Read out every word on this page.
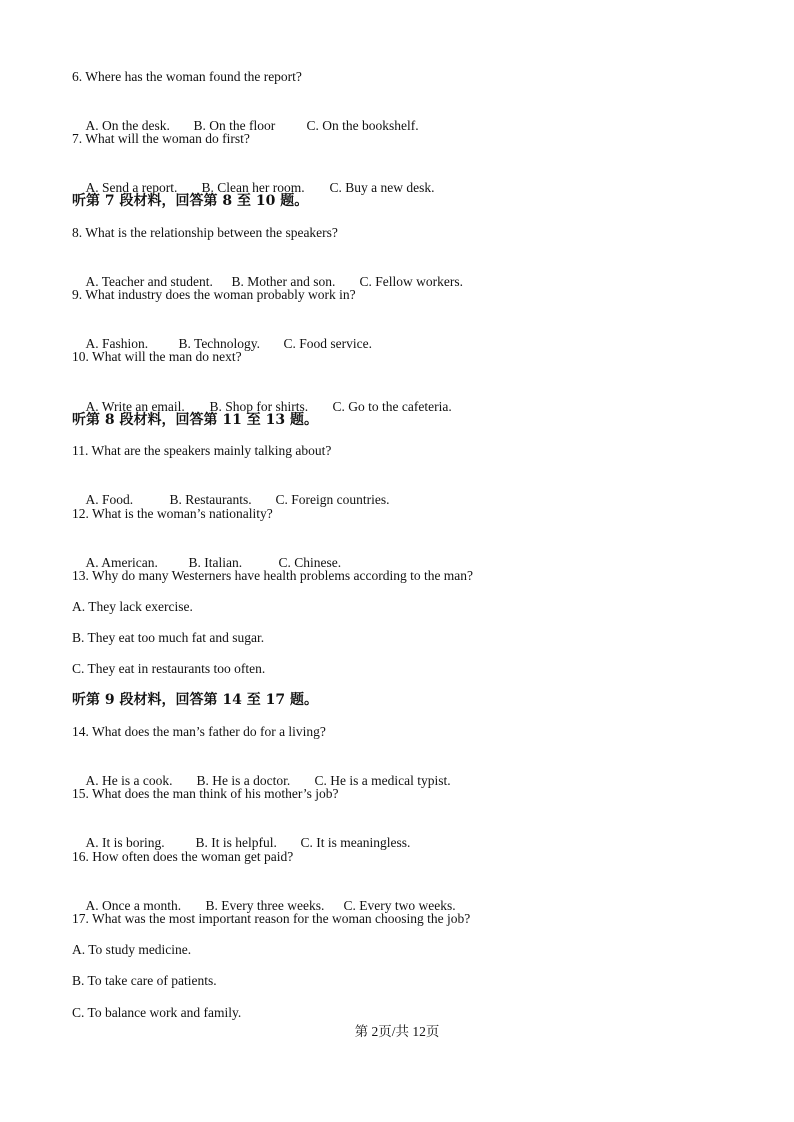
6. Where has the woman found the report?

A. On the desk. B. On the floor C. On the bookshelf.

7. What will the woman do first?

A. Send a report. B. Clean her room. C. Buy a new desk.

听第 7 段材料，回答第 8 至 10 题。
8. What is the relationship between the speakers?

A. Teacher and student. B. Mother and son. C. Fellow workers.

9. What industry does the woman probably work in?

A. Fashion. B. Technology. C. Food service.

10. What will the man do next?

A. Write an email. B. Shop for shirts. C. Go to the cafeteria.

听第 8 段材料，回答第 11 至 13 题。
11. What are the speakers mainly talking about?

A. Food.	B. Restaurants. C. Foreign countries.

12. What is the woman’s nationality?

A. American. B. Italian.	C. Chinese.

13. Why do many Westerners have health problems according to the man?
A. They lack exercise.
B. They eat too much fat and sugar.
C. They eat in restaurants too often.
听第 9 段材料，回答第 14 至 17 题。
14. What does the man’s father do for a living?

A. He is a cook. B. He is a doctor. C. He is a medical typist.

15. What does the man think of his mother’s job?

A. It is boring. B. It is helpful. C. It is meaningless.

16. How often does the woman get paid?

A. Once a month. B. Every three weeks. C. Every two weeks.

17. What was the most important reason for the woman choosing the job?
A. To study medicine.
B. To take care of patients.
C. To balance work and family.
第 2页/共 12页
